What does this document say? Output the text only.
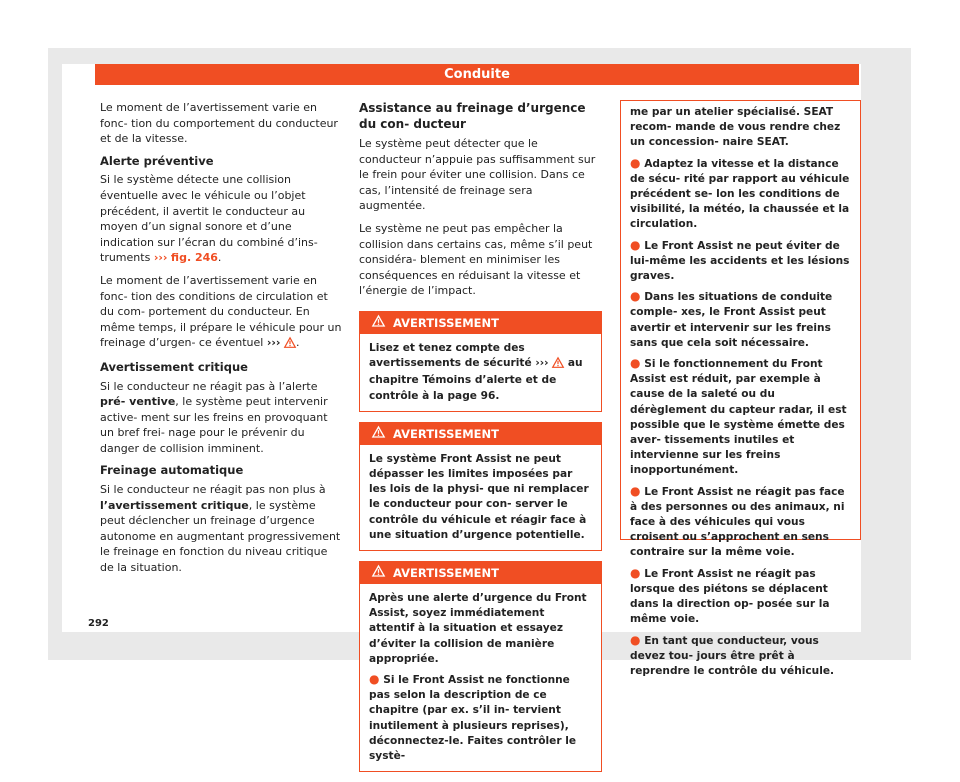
Conduite

Le moment de l’avertissement varie en fonc- tion du comportement du conducteur et de la vitesse.

Alerte préventive

Si le système détecte une collision éventuelle avec le véhicule ou l’objet précédent, il avertit le conducteur au moyen d’un signal sonore et d’une indication sur l’écran du combiné d’ins- truments ››› fig. 246.

Le moment de l’avertissement varie en fonc- tion des conditions de circulation et du com- portement du conducteur. En même temps, il prépare le véhicule pour un freinage d’urgen- ce éventuel ››› .

Avertissement critique

Si le conducteur ne réagit pas à l’alerte pré- ventive, le système peut intervenir active- ment sur les freins en provoquant un bref frei- nage pour le prévenir du danger de collision imminent.

Freinage automatique

Si le conducteur ne réagit pas non plus à l’avertissement critique, le système peut déclencher un freinage d’urgence autonome en augmentant progressivement le freinage en fonction du niveau critique de la situation.

Assistance au freinage d’urgence du con- ducteur

Le système peut détecter que le conducteur n’appuie pas suffisamment sur le frein pour éviter une collision. Dans ce cas, l’intensité de freinage sera augmentée.

Le système ne peut pas empêcher la collision dans certains cas, même s’il peut considéra- blement en minimiser les conséquences en réduisant la vitesse et l’énergie de l’impact.

AVERTISSEMENT

Lisez et tenez compte des avertissements de sécurité ››› au chapitre Témoins d’alerte et de contrôle à la page 96.

AVERTISSEMENT

Le système Front Assist ne peut dépasser les limites imposées par les lois de la physi- que ni remplacer le conducteur pour con- server le contrôle du véhicule et réagir face à une situation d’urgence potentielle.

AVERTISSEMENT

Après une alerte d’urgence du Front Assist, soyez immédiatement attentif à la situation et essayez d’éviter la collision de manière appropriée.

● Si le Front Assist ne fonctionne pas selon la description de ce chapitre (par ex. s’il in- tervient inutilement à plusieurs reprises), déconnectez-le. Faites contrôler le systè-

me par un atelier spécialisé. SEAT recom- mande de vous rendre chez un concession- naire SEAT.

● Adaptez la vitesse et la distance de sécu- rité par rapport au véhicule précédent se- lon les conditions de visibilité, la météo, la chaussée et la circulation.

● Le Front Assist ne peut éviter de lui-même les accidents et les lésions graves.

● Dans les situations de conduite comple- xes, le Front Assist peut avertir et intervenir sur les freins sans que cela soit nécessaire.

● Si le fonctionnement du Front Assist est réduit, par exemple à cause de la saleté ou du dérèglement du capteur radar, il est possible que le système émette des aver- tissements inutiles et intervienne sur les freins inopportunément.

● Le Front Assist ne réagit pas face à des personnes ou des animaux, ni face à des véhicules qui vous croisent ou s’approchent en sens contraire sur la même voie.

● Le Front Assist ne réagit pas lorsque des piétons se déplacent dans la direction op- posée sur la même voie.

● En tant que conducteur, vous devez tou- jours être prêt à reprendre le contrôle du véhicule.

292
